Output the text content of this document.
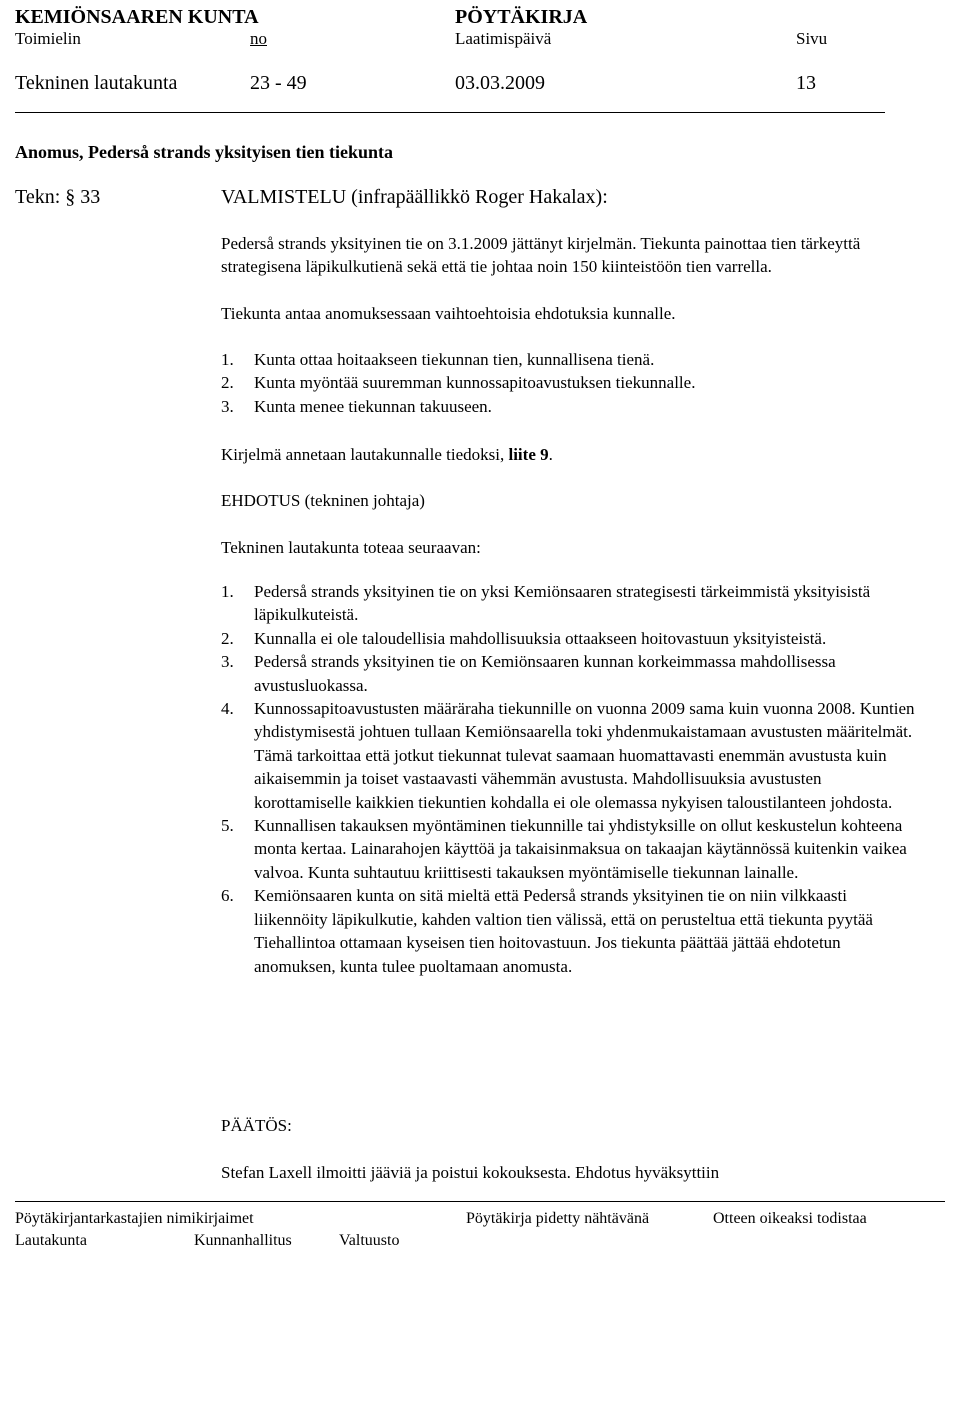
KEMIÖNSAAREN KUNTA	PÖYTÄKIRJA
Toimielin	no	Laatimispäivä	Sivu
Tekninen lautakunta	23 - 49	03.03.2009	13
Anomus, Pederså strands yksityisen tien tiekunta
Tekn: § 33	VALMISTELU (infrapäällikkö Roger Hakalax):
Pederså strands yksityinen tie on 3.1.2009 jättänyt kirjelmän. Tiekunta painottaa tien tärkeyttä strategisena läpikulkutienä sekä että tie johtaa noin 150 kiinteistöön tien varrella.
Tiekunta antaa anomuksessaan vaihtoehtoisia ehdotuksia kunnalle.
1. Kunta ottaa hoitaakseen tiekunnan tien, kunnallisena tienä.
2. Kunta myöntää suuremman kunnossapitoavustuksen tiekunnalle.
3. Kunta menee tiekunnan takuuseen.
Kirjelmä annetaan lautakunnalle tiedoksi, liite 9.
EHDOTUS (tekninen johtaja)
Tekninen lautakunta toteaa seuraavan:
1. Pederså strands yksityinen tie on yksi Kemiönsaaren strategisesti tärkeimmistä yksityisistä läpikulkuteistä.
2. Kunnalla ei ole taloudellisia mahdollisuuksia ottaakseen hoitovastuun yksityisteistä.
3. Pederså strands yksityinen tie on Kemiönsaaren kunnan korkeimmassa mahdollisessa avustusluokassa.
4. Kunnossapitoavustusten määräraha tiekunnille on vuonna 2009 sama kuin vuonna 2008. Kuntien yhdistymisestä johtuen tullaan Kemiönsaarella toki yhdenmukaistamaan avustusten määritelmät. Tämä tarkoittaa että jotkut tiekunnat tulevat saamaan huomattavasti enemmän avustusta kuin aikaisemmin ja toiset vastaavasti vähemmän avustusta. Mahdollisuuksia avustusten korottamiselle kaikkien tiekuntien kohdalla ei ole olemassa nykyisen taloustilanteen johdosta.
5. Kunnallisen takauksen myöntäminen tiekunnille tai yhdistyksille on ollut keskustelun kohteena monta kertaa. Lainarahojen käyttöä ja takaisinmaksua on takaajan käytännössä kuitenkin vaikea valvoa. Kunta suhtautuu kriittisesti takauksen myöntämiselle tiekunnan lainalle.
6. Kemiönsaaren kunta on sitä mieltä että Pederså strands yksityinen tie on niin vilkkaasti liikennöity läpikulkutie, kahden valtion tien välissä, että on perusteltua että tiekunta pyytää Tiehallintoa ottamaan kyseisen tien hoitovastuun. Jos tiekunta päättää jättää ehdotetun anomuksen, kunta tulee puoltamaan anomusta.
PÄÄTÖS:
Stefan Laxell ilmoitti jääviä ja poistui kokouksesta. Ehdotus hyväksyttiin
Pöytäkirjantarkastajien nimikirjaimet	Pöytäkirja pidetty nähtävänä	Otteen oikeaksi todistaa
Lautakunta	Kunnanhallitus	Valtuusto
